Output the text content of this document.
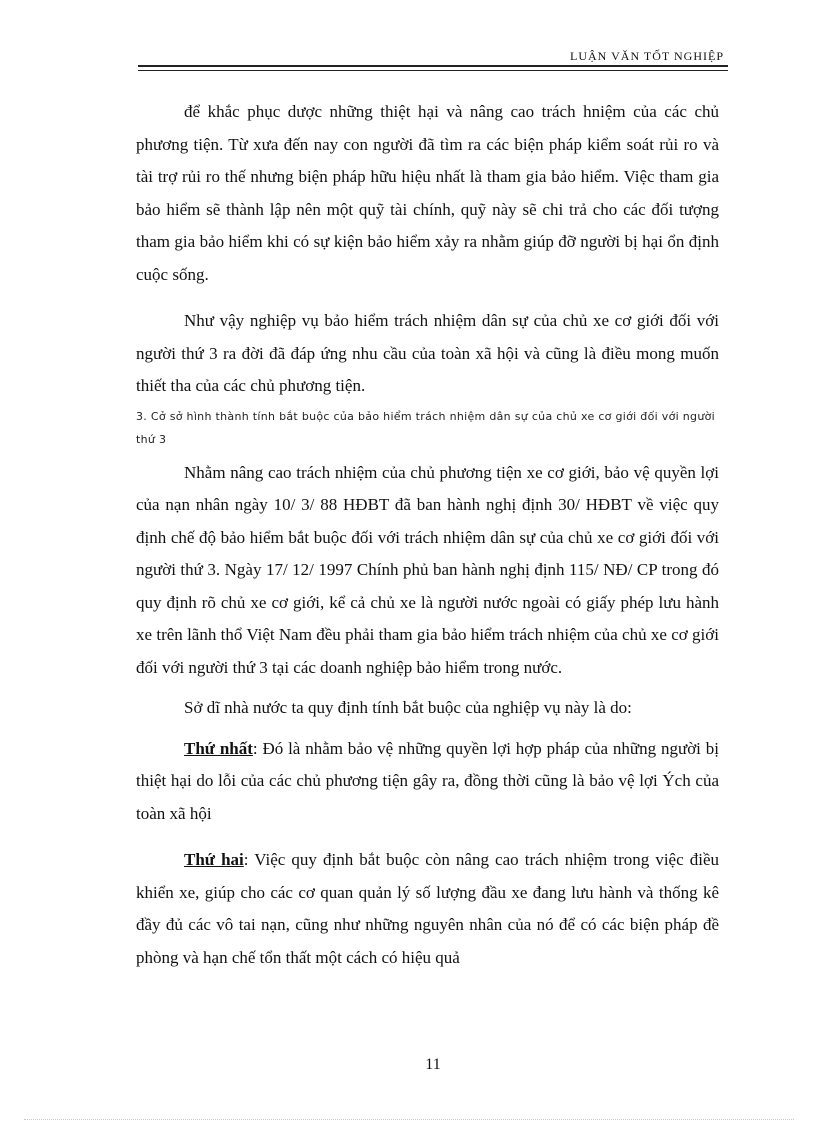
LUẬN VĂN TỐT NGHIỆP

để khắc phục dược những thiệt hại và nâng cao trách hniệm của các chủ phương tiện. Từ xưa đến nay con người đã tìm ra các biện pháp kiểm soát rủi ro và tài trợ rủi ro thế nhưng biện pháp hữu hiệu nhất là tham gia bảo hiểm. Việc tham gia bảo hiểm sẽ thành lập nên một quỹ tài chính, quỹ này sẽ chi trả cho các đối tượng tham gia bảo hiểm khi có sự kiện bảo hiểm xảy ra nhằm giúp đỡ người bị hại ổn định cuộc sống.

Như vậy nghiệp vụ bảo hiểm trách nhiệm dân sự của chủ xe cơ giới đối với người thứ 3 ra đời đã đáp ứng nhu cầu của toàn xã hội và cũng là điều mong muốn thiết tha của các chủ phương tiện.

3. Cở sở hình thành tính bắt buộc của bảo hiểm trách nhiệm dân sự của chủ xe cơ giới đối với người thứ 3

Nhằm nâng cao trách nhiệm của chủ phương tiện xe cơ giới, bảo vệ quyền lợi của nạn nhân ngày 10/ 3/ 88 HĐBT đã ban hành nghị định 30/ HĐBT về việc quy định chế độ bảo hiểm bắt buộc đối với trách nhiệm dân sự của chủ xe cơ giới đối với người thứ 3. Ngày 17/ 12/ 1997 Chính phủ ban hành nghị định 115/ NĐ/ CP trong đó quy định rõ chủ xe cơ giới, kể cả chủ xe là người nước ngoài có giấy phép lưu hành xe trên lãnh thổ Việt Nam đều phải tham gia bảo hiểm trách nhiệm của chủ xe cơ giới đối với người thứ 3 tại các doanh nghiệp bảo hiểm trong nước.

Sở dĩ nhà nước ta quy định tính bắt buộc của nghiệp vụ này là do:

Thứ nhất: Đó là nhằm bảo vệ những quyền lợi hợp pháp của những người bị thiệt hại do lỗi của các chủ phương tiện gây ra, đồng thời cũng là bảo vệ lợi Ých của toàn xã hội

Thứ hai: Việc quy định bắt buộc còn nâng cao trách nhiệm trong việc điều khiển xe, giúp cho các cơ quan quản lý số lượng đầu xe đang lưu hành và thống kê đầy đủ các vô tai nạn, cũng như những nguyên nhân của nó để có các biện pháp đề phòng và hạn chế tổn thất một cách có hiệu quả

11
